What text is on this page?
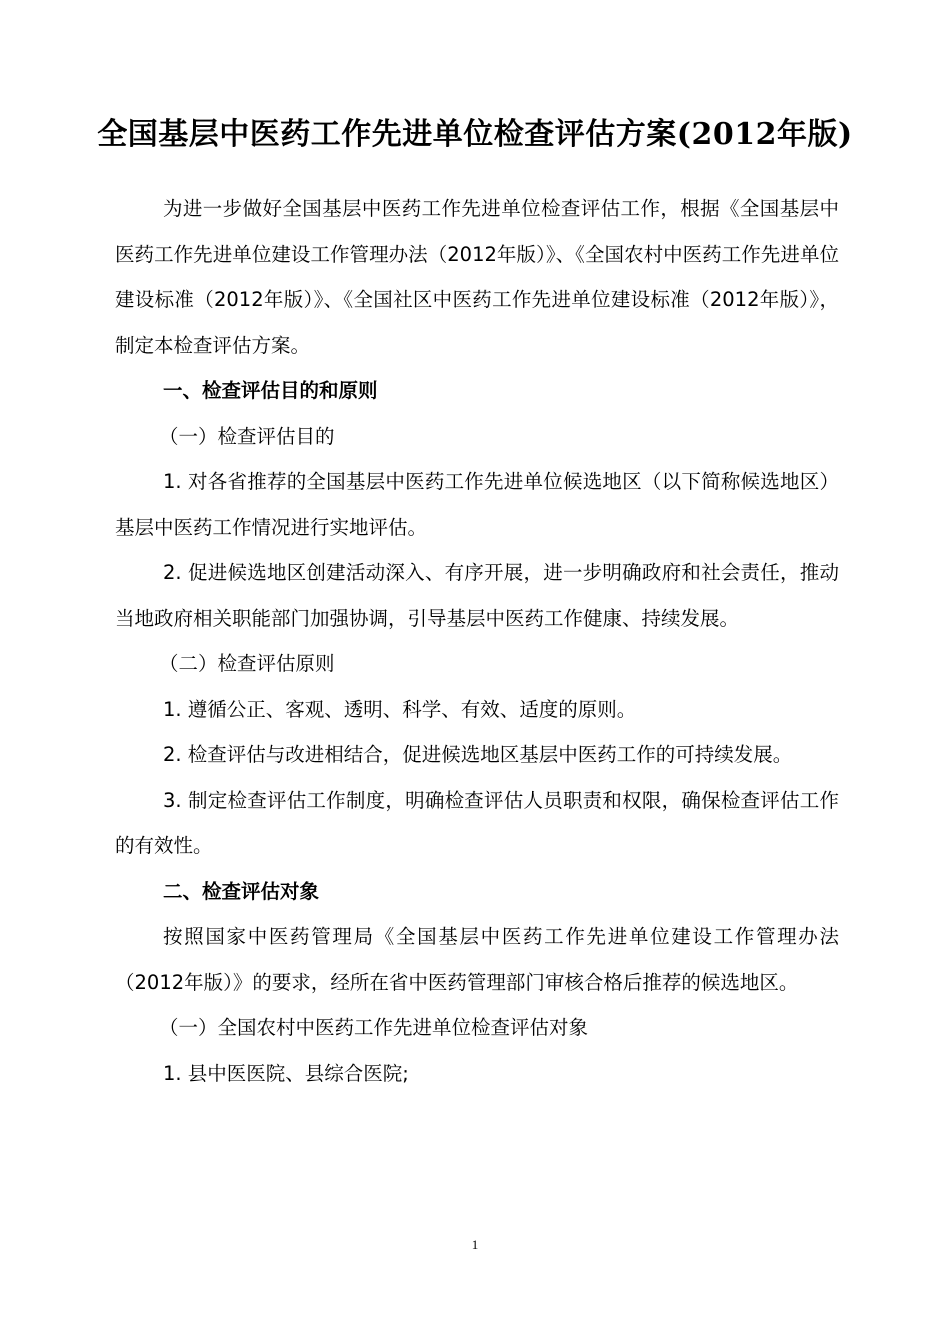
全国基层中医药工作先进单位检查评估方案(2012年版)

为进一步做好全国基层中医药工作先进单位检查评估工作，根据《全国基层中医药工作先进单位建设工作管理办法（2012年版）》、《全国农村中医药工作先进单位建设标准（2012年版）》、《全国社区中医药工作先进单位建设标准（2012年版）》，制定本检查评估方案。

一、检查评估目的和原则

（一）检查评估目的

1. 对各省推荐的全国基层中医药工作先进单位候选地区（以下简称候选地区）基层中医药工作情况进行实地评估。

2. 促进候选地区创建活动深入、有序开展，进一步明确政府和社会责任，推动当地政府相关职能部门加强协调，引导基层中医药工作健康、持续发展。

（二）检查评估原则

1. 遵循公正、客观、透明、科学、有效、适度的原则。

2. 检查评估与改进相结合，促进候选地区基层中医药工作的可持续发展。

3. 制定检查评估工作制度，明确检查评估人员职责和权限，确保检查评估工作的有效性。

二、检查评估对象

按照国家中医药管理局《全国基层中医药工作先进单位建设工作管理办法（2012年版）》的要求，经所在省中医药管理部门审核合格后推荐的候选地区。

（一）全国农村中医药工作先进单位检查评估对象

1. 县中医医院、县综合医院;

1
